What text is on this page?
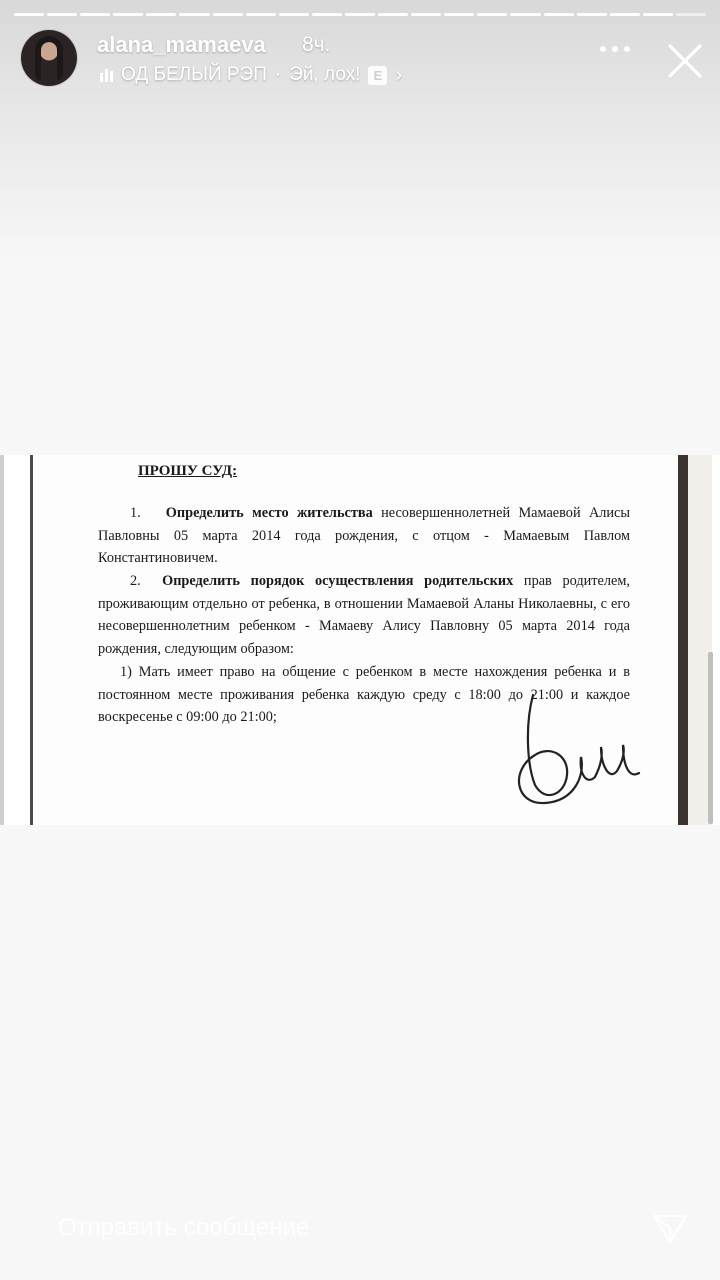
alana_mamaeva 8ч.
ОД БЕЛЫЙ РЭП · Эй, лох!	E ›
ПРОШУ СУД:
1. Определить место жительства несовершеннолетней Мамаевой Алисы Павловны 05 марта 2014 года рождения, с отцом - Мамаевым Павлом Константиновичем.
2. Определить порядок осуществления родительских прав родителем, проживающим отдельно от ребенка, в отношении Мамаевой Аланы Николаевны, с его несовершеннолетним ребенком - Мамаеву Алису Павловну 05 марта 2014 года рождения, следующим образом:
1) Мать имеет право на общение с ребенком в месте нахождения ребенка и в постоянном месте проживания ребенка каждую среду с 18:00 до 21:00 и каждое воскресенье с 09:00 до 21:00;
Отправить сообщение
